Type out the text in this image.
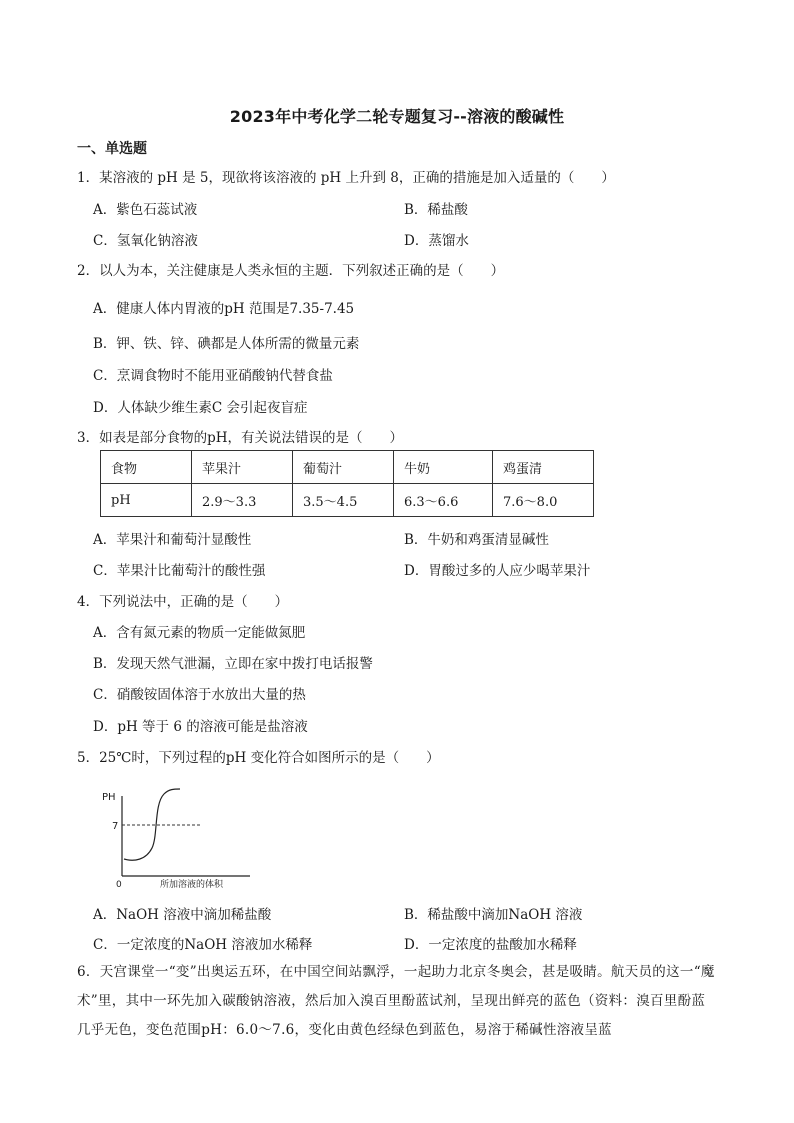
2023年中考化学二轮专题复习--溶液的酸碱性
一、单选题
1．某溶液的 pH 是 5，现欲将该溶液的 pH 上升到 8，正确的措施是加入适量的（　　）
A．紫色石蕊试液	B．稀盐酸
C．氢氧化钠溶液	D．蒸馏水
2．以人为本，关注健康是人类永恒的主题．下列叙述正确的是（　　）
A．健康人体内胃液的pH 范围是7.35-7.45
B．钾、铁、锌、碘都是人体所需的微量元素
C．烹调食物时不能用亚硝酸钠代替食盐
D．人体缺少维生素C 会引起夜盲症
3．如表是部分食物的pH，有关说法错误的是（　　）
食物	苹果汁	葡萄汁	牛奶	鸡蛋清
pH	2.9～3.3	3.5～4.5	6.3～6.6	7.6～8.0
A．苹果汁和葡萄汁显酸性	B．牛奶和鸡蛋清显碱性
C．苹果汁比葡萄汁的酸性强	D．胃酸过多的人应少喝苹果汁
4．下列说法中，正确的是（　　）
A．含有氮元素的物质一定能做氮肥
B．发现天然气泄漏，立即在家中拨打电话报警
C．硝酸铵固体溶于水放出大量的热
D．pH 等于 6 的溶液可能是盐溶液
5．25℃时，下列过程的pH 变化符合如图所示的是（　　）
PH
7
0	所加溶液的体积
A．NaOH 溶液中滴加稀盐酸	B．稀盐酸中滴加NaOH 溶液
C．一定浓度的NaOH 溶液加水稀释	D．一定浓度的盐酸加水稀释
6．天宫课堂一“变”出奥运五环，在中国空间站飘浮，一起助力北京冬奥会，甚是吸睛。航天员的这一“魔术”里，其中一环先加入碳酸钠溶液，然后加入溴百里酚蓝试剂，呈现出鲜亮的蓝色（资料：溴百里酚蓝几乎无色，变色范围pH：6.0～7.6，变化由黄色经绿色到蓝色，易溶于稀碱性溶液呈蓝
